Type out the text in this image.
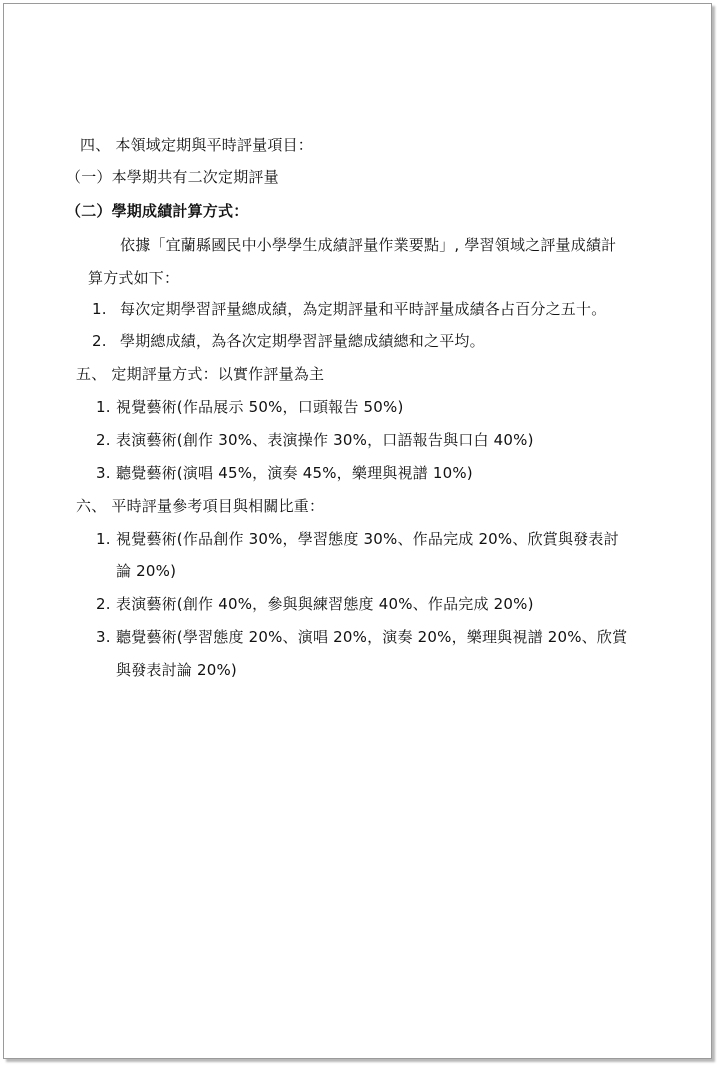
四、 本領域定期與平時評量項目：
（一）本學期共有二次定期評量
（二）學期成績計算方式：
依據「宜蘭縣國民中小學學生成績評量作業要點」, 學習領域之評量成績計
算方式如下：
1. 每次定期學習評量總成績，為定期評量和平時評量成績各占百分之五十。
2. 學期總成績，為各次定期學習評量總成績總和之平均。
五、 定期評量方式：以實作評量為主
1. 視覺藝術(作品展示 50%，口頭報告 50%)
2. 表演藝術(創作 30%、表演操作 30%，口語報告與口白 40%)
3. 聽覺藝術(演唱 45%，演奏 45%，樂理與視譜 10%)
六、 平時評量參考項目與相關比重：
1. 視覺藝術(作品創作 30%，學習態度 30%、作品完成 20%、欣賞與發表討
論 20%)
2. 表演藝術(創作 40%，參與與練習態度 40%、作品完成 20%)
3. 聽覺藝術(學習態度 20%、演唱 20%，演奏 20%，樂理與視譜 20%、欣賞
與發表討論 20%)
